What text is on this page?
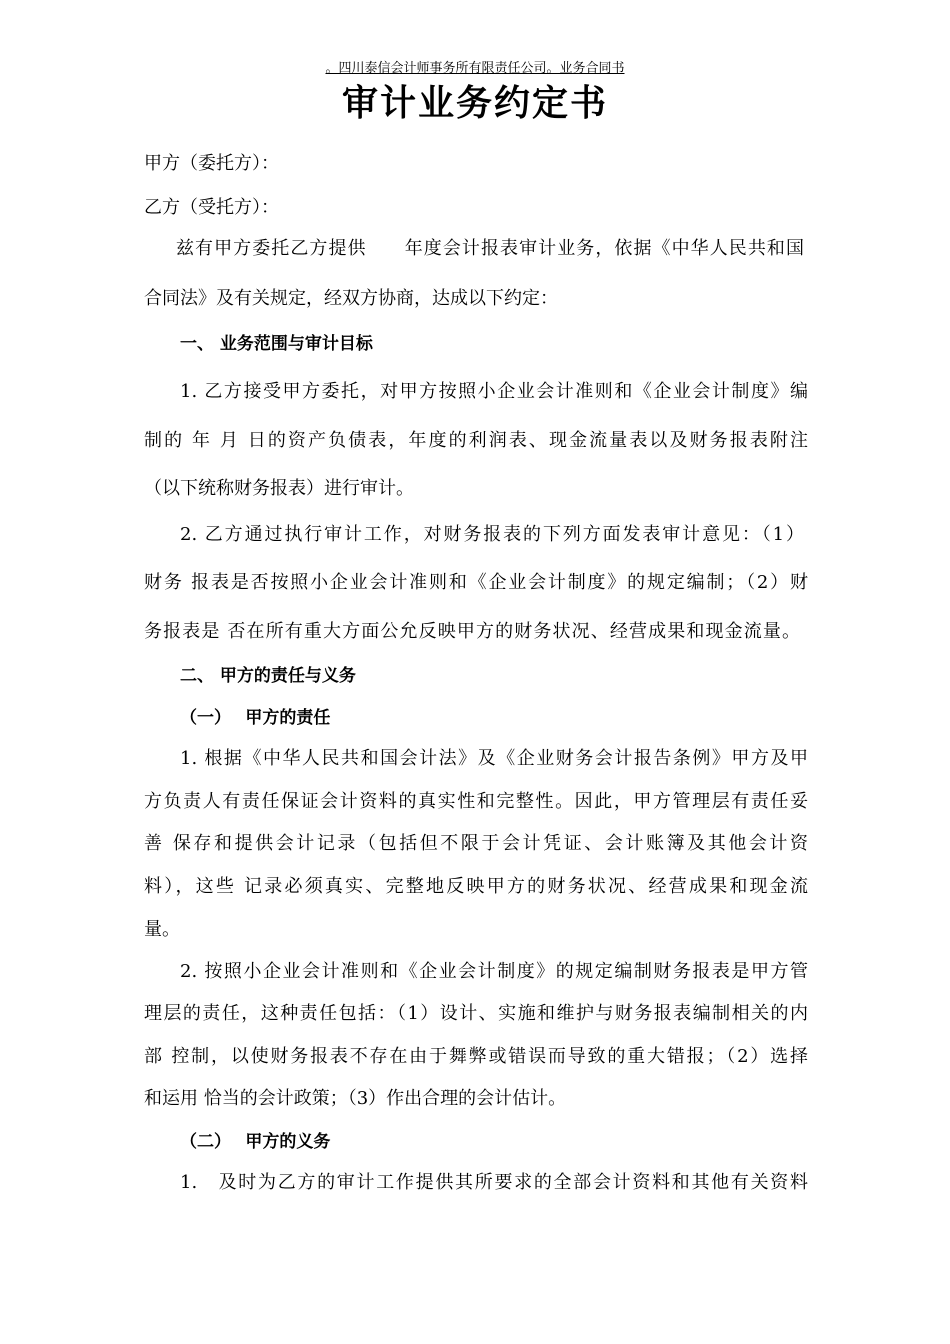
。四川泰信会计师事务所有限责任公司。业务合同书
审计业务约定书
甲方（委托方）：
乙方（受托方）：
兹有甲方委托乙方提供　　年度会计报表审计业务，依据《中华人民共和国
合同法》及有关规定，经双方协商，达成以下约定：
一、 业务范围与审计目标
1. 乙方接受甲方委托，对甲方按照小企业会计准则和《企业会计制度》编
制的 年 月 日的资产负债表，年度的利润表、现金流量表以及财务报表附注
（以下统称财务报表）进行审计。
2. 乙方通过执行审计工作，对财务报表的下列方面发表审计意见：（1）
财务 报表是否按照小企业会计准则和《企业会计制度》的规定编制；（2）财
务报表是 否在所有重大方面公允反映甲方的财务状况、经营成果和现金流量。
二、 甲方的责任与义务
（一）　 甲方的责任
1. 根据《中华人民共和国会计法》及《企业财务会计报告条例》甲方及甲
方负责人有责任保证会计资料的真实性和完整性。因此，甲方管理层有责任妥
善 保存和提供会计记录（包括但不限于会计凭证、会计账簿及其他会计资
料），这些 记录必须真实、完整地反映甲方的财务状况、经营成果和现金流
量。
2. 按照小企业会计准则和《企业会计制度》的规定编制财务报表是甲方管
理层的责任，这种责任包括：（1）设计、实施和维护与财务报表编制相关的内
部 控制，以使财务报表不存在由于舞弊或错误而导致的重大错报；（2）选择
和运用 恰当的会计政策；（3）作出合理的会计估计。
（二）　 甲方的义务
1.　及时为乙方的审计工作提供其所要求的全部会计资料和其他有关资料
